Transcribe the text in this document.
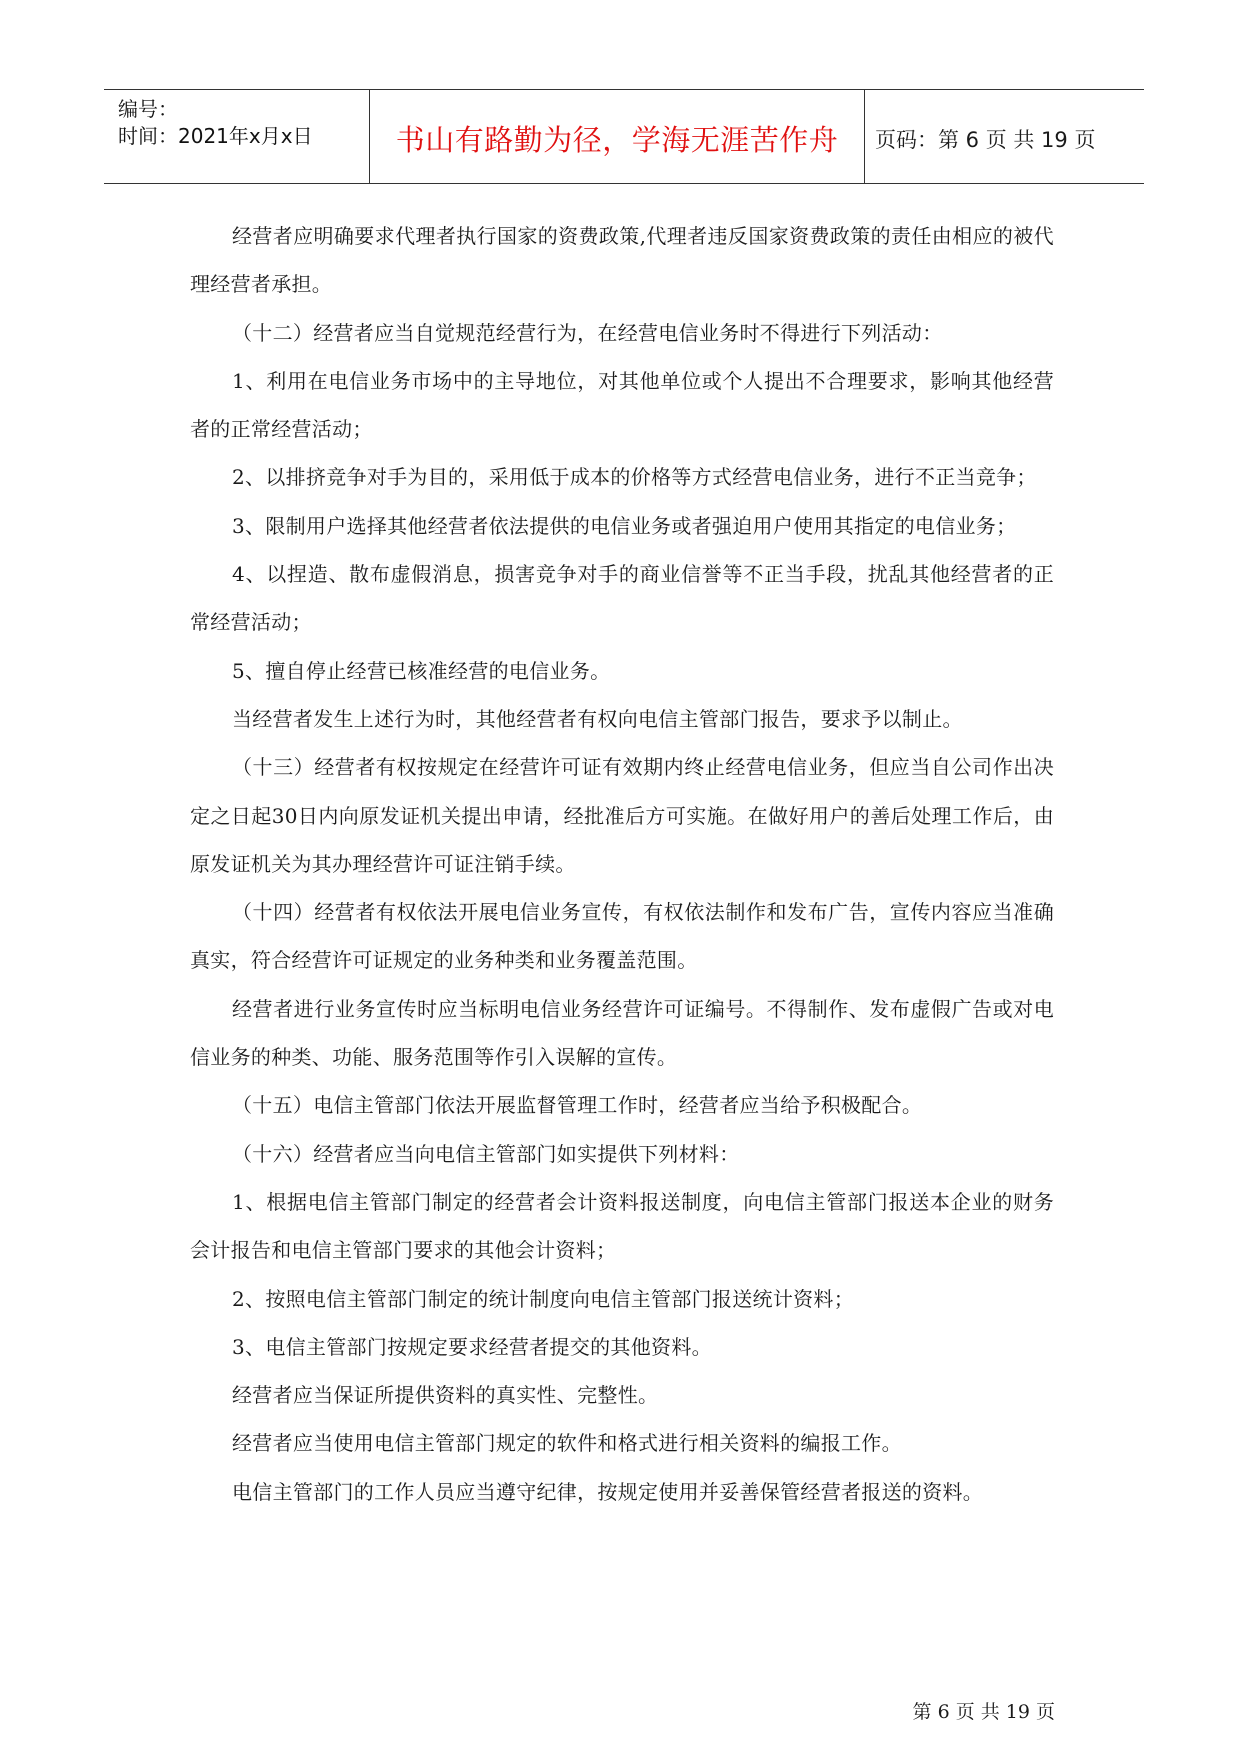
编号：
时间：2021年x月x日	书山有路勤为径，学海无涯苦作舟	页码：第 6 页 共 19 页

经营者应明确要求代理者执行国家的资费政策,代理者违反国家资费政策的责任由相应的被代理经营者承担。

（十二）经营者应当自觉规范经营行为，在经营电信业务时不得进行下列活动：

1、利用在电信业务市场中的主导地位，对其他单位或个人提出不合理要求，影响其他经营者的正常经营活动；

2、以排挤竞争对手为目的，采用低于成本的价格等方式经营电信业务，进行不正当竞争；

3、限制用户选择其他经营者依法提供的电信业务或者强迫用户使用其指定的电信业务；

4、以捏造、散布虚假消息，损害竞争对手的商业信誉等不正当手段，扰乱其他经营者的正常经营活动；

5、擅自停止经营已核准经营的电信业务。

当经营者发生上述行为时，其他经营者有权向电信主管部门报告，要求予以制止。

（十三）经营者有权按规定在经营许可证有效期内终止经营电信业务，但应当自公司作出决定之日起30日内向原发证机关提出申请，经批准后方可实施。在做好用户的善后处理工作后，由原发证机关为其办理经营许可证注销手续。

（十四）经营者有权依法开展电信业务宣传，有权依法制作和发布广告，宣传内容应当准确真实，符合经营许可证规定的业务种类和业务覆盖范围。

经营者进行业务宣传时应当标明电信业务经营许可证编号。不得制作、发布虚假广告或对电信业务的种类、功能、服务范围等作引入误解的宣传。

（十五）电信主管部门依法开展监督管理工作时，经营者应当给予积极配合。

（十六）经营者应当向电信主管部门如实提供下列材料：

1、根据电信主管部门制定的经营者会计资料报送制度，向电信主管部门报送本企业的财务会计报告和电信主管部门要求的其他会计资料；

2、按照电信主管部门制定的统计制度向电信主管部门报送统计资料；

3、电信主管部门按规定要求经营者提交的其他资料。

经营者应当保证所提供资料的真实性、完整性。

经营者应当使用电信主管部门规定的软件和格式进行相关资料的编报工作。

电信主管部门的工作人员应当遵守纪律，按规定使用并妥善保管经营者报送的资料。

第 6 页 共 19 页
